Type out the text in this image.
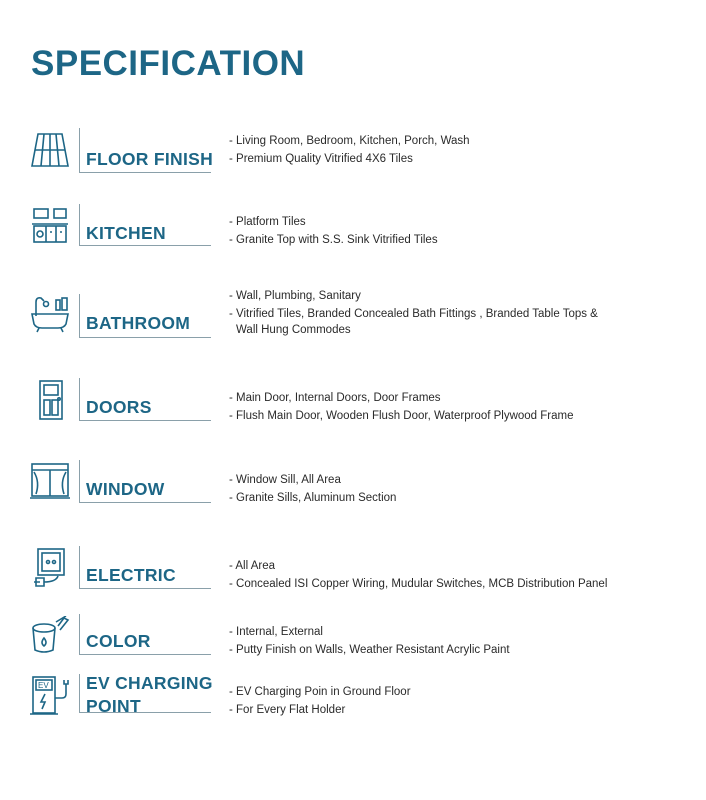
SPECIFICATION
FLOOR FINISH
- Living Room, Bedroom, Kitchen, Porch, Wash
- Premium Quality Vitrified 4X6 Tiles
KITCHEN
- Platform Tiles
- Granite Top with S.S. Sink Vitrified Tiles
BATHROOM
- Wall, Plumbing, Sanitary
- Vitrified Tiles, Branded Concealed Bath Fittings , Branded Table Tops &
Wall Hung Commodes
DOORS	- Main Door, Internal Doors, Door Frames
- Flush Main Door, Wooden Flush Door, Waterproof Plywood Frame
WINDOW	- Window Sill, All Area
- Granite Sills, Aluminum Section
ELECTRIC	- All Area
- Concealed ISI Copper Wiring, Mudular Switches, MCB Distribution Panel
COLOR	- Internal, External
- Putty Finish on Walls, Weather Resistant Acrylic Paint
EV EV CHARGING
POINT
- EV Charging Poin in Ground Floor
- For Every Flat Holder
